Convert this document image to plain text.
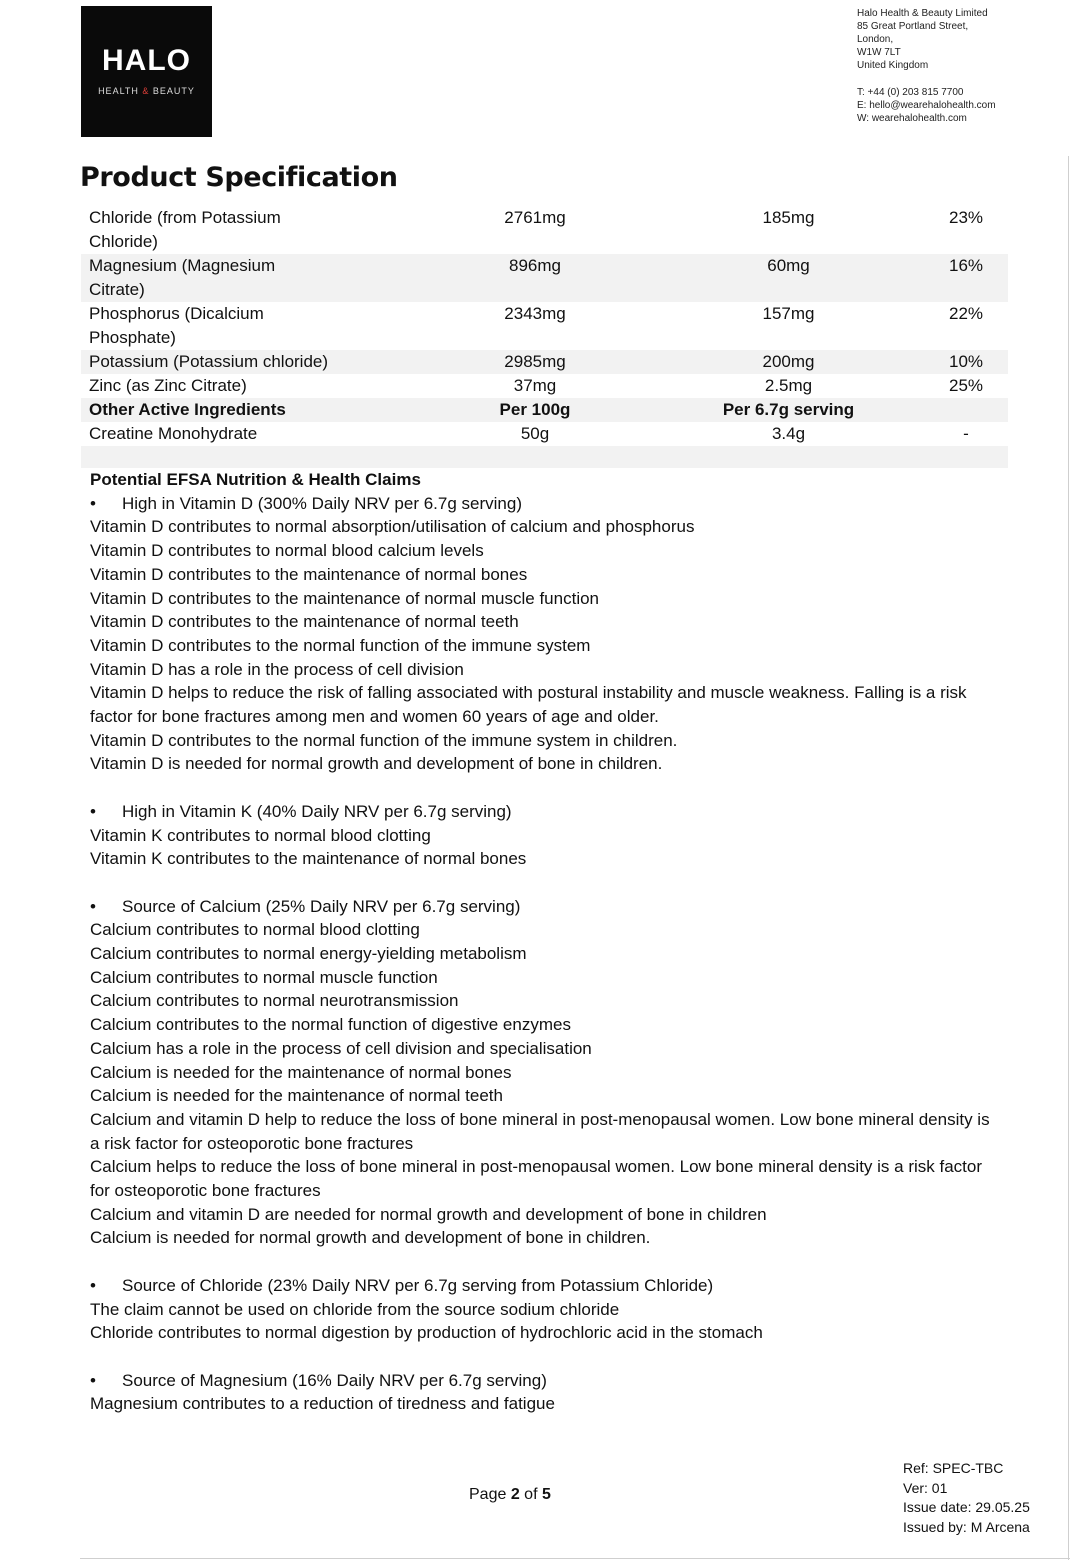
HALO
HEALTH & BEAUTY
Halo Health & Beauty Limited
85 Great Portland Street,
London,
W1W 7LT
United Kingdom
T: +44 (0) 203 815 7700
E: hello@wearehalohealth.com
W: wearehalohealth.com
Product Specification
Chloride (from Potassium
Chloride)	2761mg	185mg	23%
Magnesium (Magnesium
Citrate)	896mg	60mg	16%
Phosphorus (Dicalcium
Phosphate)	2343mg	157mg	22%
Potassium (Potassium chloride)	2985mg	200mg	10%
Zinc (as Zinc Citrate)	37mg	2.5mg	25%
Other Active Ingredients	Per 100g	Per 6.7g serving	
Creatine Monohydrate	50g	3.4g	-

Potential EFSA Nutrition & Health Claims
• High in Vitamin D (300% Daily NRV per 6.7g serving)
Vitamin D contributes to normal absorption/utilisation of calcium and phosphorus
Vitamin D contributes to normal blood calcium levels
Vitamin D contributes to the maintenance of normal bones
Vitamin D contributes to the maintenance of normal muscle function
Vitamin D contributes to the maintenance of normal teeth
Vitamin D contributes to the normal function of the immune system
Vitamin D has a role in the process of cell division
Vitamin D helps to reduce the risk of falling associated with postural instability and muscle weakness. Falling is a risk factor for bone fractures among men and women 60 years of age and older.
Vitamin D contributes to the normal function of the immune system in children.
Vitamin D is needed for normal growth and development of bone in children.
• High in Vitamin K (40% Daily NRV per 6.7g serving)
Vitamin K contributes to normal blood clotting
Vitamin K contributes to the maintenance of normal bones
• Source of Calcium (25% Daily NRV per 6.7g serving)
Calcium contributes to normal blood clotting
Calcium contributes to normal energy-yielding metabolism
Calcium contributes to normal muscle function
Calcium contributes to normal neurotransmission
Calcium contributes to the normal function of digestive enzymes
Calcium has a role in the process of cell division and specialisation
Calcium is needed for the maintenance of normal bones
Calcium is needed for the maintenance of normal teeth
Calcium and vitamin D help to reduce the loss of bone mineral in post-menopausal women. Low bone mineral density is a risk factor for osteoporotic bone fractures
Calcium helps to reduce the loss of bone mineral in post-menopausal women. Low bone mineral density is a risk factor for osteoporotic bone fractures
Calcium and vitamin D are needed for normal growth and development of bone in children
Calcium is needed for normal growth and development of bone in children.
• Source of Chloride (23% Daily NRV per 6.7g serving from Potassium Chloride)
The claim cannot be used on chloride from the source sodium chloride
Chloride contributes to normal digestion by production of hydrochloric acid in the stomach
• Source of Magnesium (16% Daily NRV per 6.7g serving)
Magnesium contributes to a reduction of tiredness and fatigue
Page 2 of 5
Ref: SPEC-TBC
Ver: 01
Issue date: 29.05.25
Issued by: M Arcena
